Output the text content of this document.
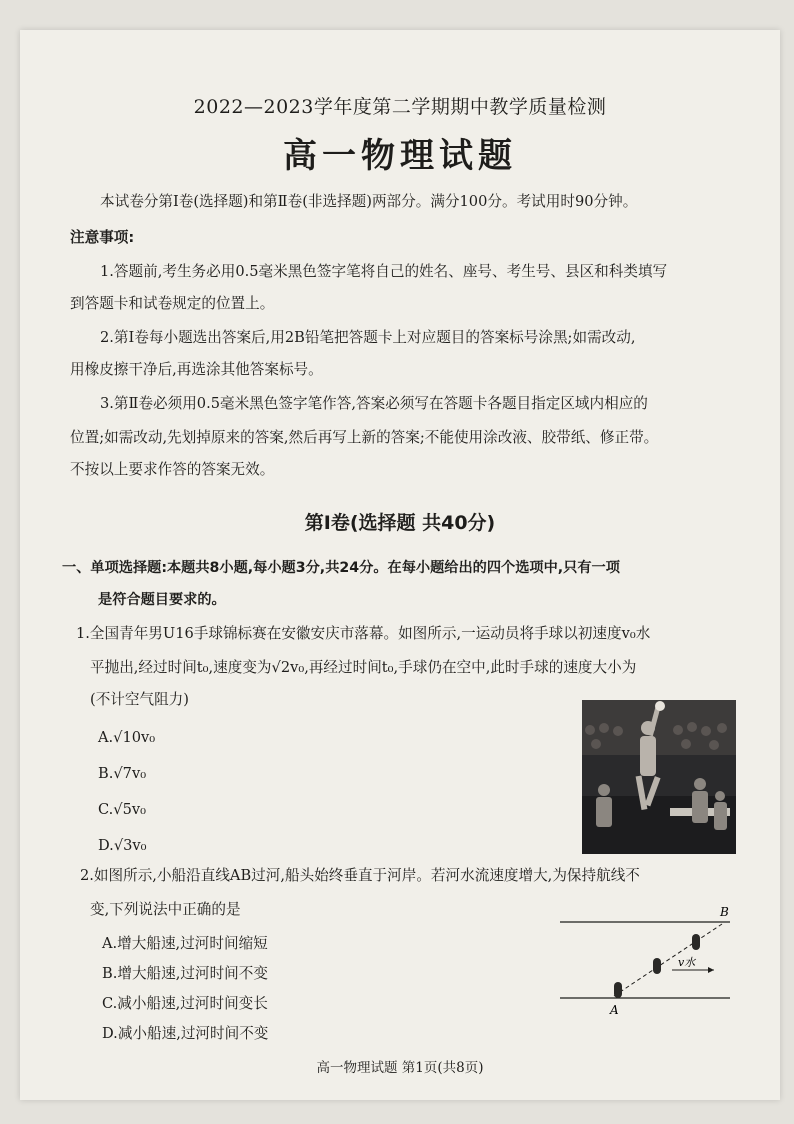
2022—2023学年度第二学期期中教学质量检测
高一物理试题
本试卷分第Ⅰ卷(选择题)和第Ⅱ卷(非选择题)两部分。满分100分。考试用时90分钟。
注意事项:
1.答题前,考生务必用0.5毫米黑色签字笔将自己的姓名、座号、考生号、县区和科类填写
到答题卡和试卷规定的位置上。
2.第Ⅰ卷每小题选出答案后,用2B铅笔把答题卡上对应题目的答案标号涂黑;如需改动,
用橡皮擦干净后,再选涂其他答案标号。
3.第Ⅱ卷必须用0.5毫米黑色签字笔作答,答案必须写在答题卡各题目指定区域内相应的
位置;如需改动,先划掉原来的答案,然后再写上新的答案;不能使用涂改液、胶带纸、修正带。
不按以上要求作答的答案无效。
第Ⅰ卷(选择题 共40分)
一、单项选择题:本题共8小题,每小题3分,共24分。在每小题给出的四个选项中,只有一项
是符合题目要求的。
1.全国青年男U16手球锦标赛在安徽安庆市落幕。如图所示,一运动员将手球以初速度v₀水
平抛出,经过时间t₀,速度变为√2v₀,再经过时间t₀,手球仍在空中,此时手球的速度大小为
(不计空气阻力)
A.√10v₀
B.√7v₀
C.√5v₀
D.√3v₀
2.如图所示,小船沿直线AB过河,船头始终垂直于河岸。若河水流速度增大,为保持航线不
变,下列说法中正确的是
A.增大船速,过河时间缩短
B.增大船速,过河时间不变
C.减小船速,过河时间变长
D.减小船速,过河时间不变
A
B
v水
高一物理试题 第1页(共8页)
